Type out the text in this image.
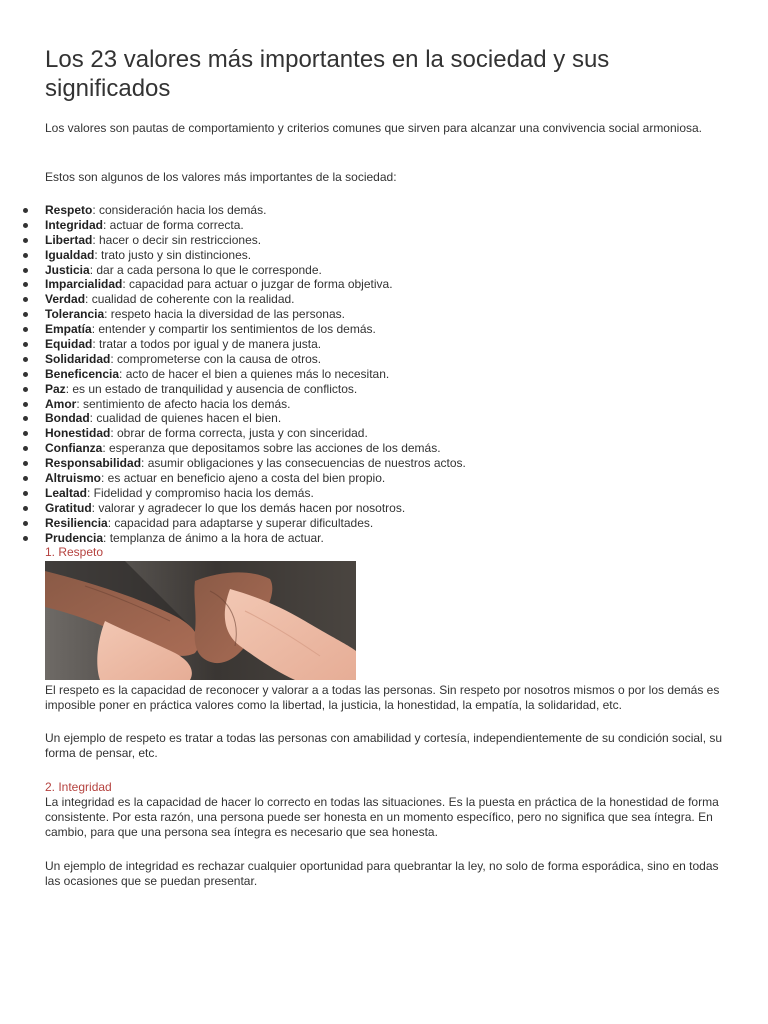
Los 23 valores más importantes en la sociedad y sus significados

Los valores son pautas de comportamiento y criterios comunes que sirven para alcanzar una convivencia social armoniosa.

Estos son algunos de los valores más importantes de la sociedad:

Respeto: consideración hacia los demás.
Integridad: actuar de forma correcta.
Libertad: hacer o decir sin restricciones.
Igualdad: trato justo y sin distinciones.
Justicia: dar a cada persona lo que le corresponde.
Imparcialidad: capacidad para actuar o juzgar de forma objetiva.
Verdad: cualidad de coherente con la realidad.
Tolerancia: respeto hacia la diversidad de las personas.
Empatía: entender y compartir los sentimientos de los demás.
Equidad: tratar a todos por igual y de manera justa.
Solidaridad: comprometerse con la causa de otros.
Beneficencia: acto de hacer el bien a quienes más lo necesitan.
Paz: es un estado de tranquilidad y ausencia de conflictos.
Amor: sentimiento de afecto hacia los demás.
Bondad: cualidad de quienes hacen el bien.
Honestidad: obrar de forma correcta, justa y con sinceridad.
Confianza: esperanza que depositamos sobre las acciones de los demás.
Responsabilidad: asumir obligaciones y las consecuencias de nuestros actos.
Altruismo: es actuar en beneficio ajeno a costa del bien propio.
Lealtad: Fidelidad y compromiso hacia los demás.
Gratitud: valorar y agradecer lo que los demás hacen por nosotros.
Resiliencia: capacidad para adaptarse y superar dificultades.
Prudencia: templanza de ánimo a la hora de actuar.
1. Respeto

El respeto es la capacidad de reconocer y valorar a a todas las personas. Sin respeto por nosotros mismos o por los demás es imposible poner en práctica valores como la libertad, la justicia, la honestidad, la empatía, la solidaridad, etc.

Un ejemplo de respeto es tratar a todas las personas con amabilidad y cortesía, independientemente de su condición social, su forma de pensar, etc.

2. Integridad

La integridad es la capacidad de hacer lo correcto en todas las situaciones. Es la puesta en práctica de la honestidad de forma consistente. Por esta razón, una persona puede ser honesta en un momento específico, pero no significa que sea íntegra. En cambio, para que una persona sea íntegra es necesario que sea honesta.

Un ejemplo de integridad es rechazar cualquier oportunidad para quebrantar la ley, no solo de forma esporádica, sino en todas las ocasiones que se puedan presentar.
